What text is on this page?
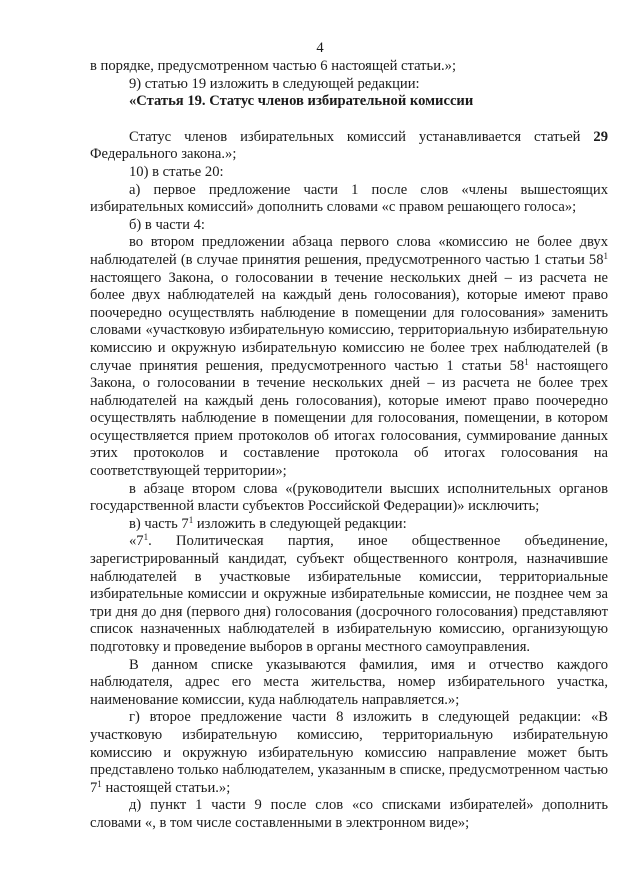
4

в порядке, предусмотренном частью 6 настоящей статьи.»;

9) статью 19 изложить в следующей редакции:

«Статья 19. Статус членов избирательной комиссии

Статус членов избирательных комиссий устанавливается статьей 29 Федерального закона.»;

10) в статье 20:

а) первое предложение части 1 после слов «члены вышестоящих избирательных комиссий» дополнить словами «с правом решающего голоса»;

б) в части 4:

во втором предложении абзаца первого слова «комиссию не более двух наблюдателей (в случае принятия решения, предусмотренного частью 1 статьи $58^1$ настоящего Закона, о голосовании в течение нескольких дней – из расчета не более двух наблюдателей на каждый день голосования), которые имеют право поочередно осуществлять наблюдение в помещении для голосования» заменить словами «участковую избирательную комиссию, территориальную избирательную комиссию и окружную избирательную комиссию не более трех наблюдателей (в случае принятия решения, предусмотренного частью 1 статьи $58^1$ настоящего Закона, о голосовании в течение нескольких дней – из расчета не более трех наблюдателей на каждый день голосования), которые имеют право поочередно осуществлять наблюдение в помещении для голосования, помещении, в котором осуществляется прием протоколов об итогах голосования, суммирование данных этих протоколов и составление протокола об итогах голосования на соответствующей территории»;

в абзаце втором слова «(руководители высших исполнительных органов государственной власти субъектов Российской Федерации)» исключить;

в) часть $7^1$ изложить в следующей редакции:

«$7^1$. Политическая партия, иное общественное объединение, зарегистрированный кандидат, субъект общественного контроля, назначившие наблюдателей в участковые избирательные комиссии, территориальные избирательные комиссии и окружные избирательные комиссии, не позднее чем за три дня до дня (первого дня) голосования (досрочного голосования) представляют список назначенных наблюдателей в избирательную комиссию, организующую подготовку и проведение выборов в органы местного самоуправления.

В данном списке указываются фамилия, имя и отчество каждого наблюдателя, адрес его места жительства, номер избирательного участка, наименование комиссии, куда наблюдатель направляется.»;

г) второе предложение части 8 изложить в следующей редакции: «В участковую избирательную комиссию, территориальную избирательную комиссию и окружную избирательную комиссию направление может быть представлено только наблюдателем, указанным в списке, предусмотренном частью $7^1$ настоящей статьи.»;

д) пункт 1 части 9 после слов «со списками избирателей» дополнить словами «, в том числе составленными в электронном виде»;
